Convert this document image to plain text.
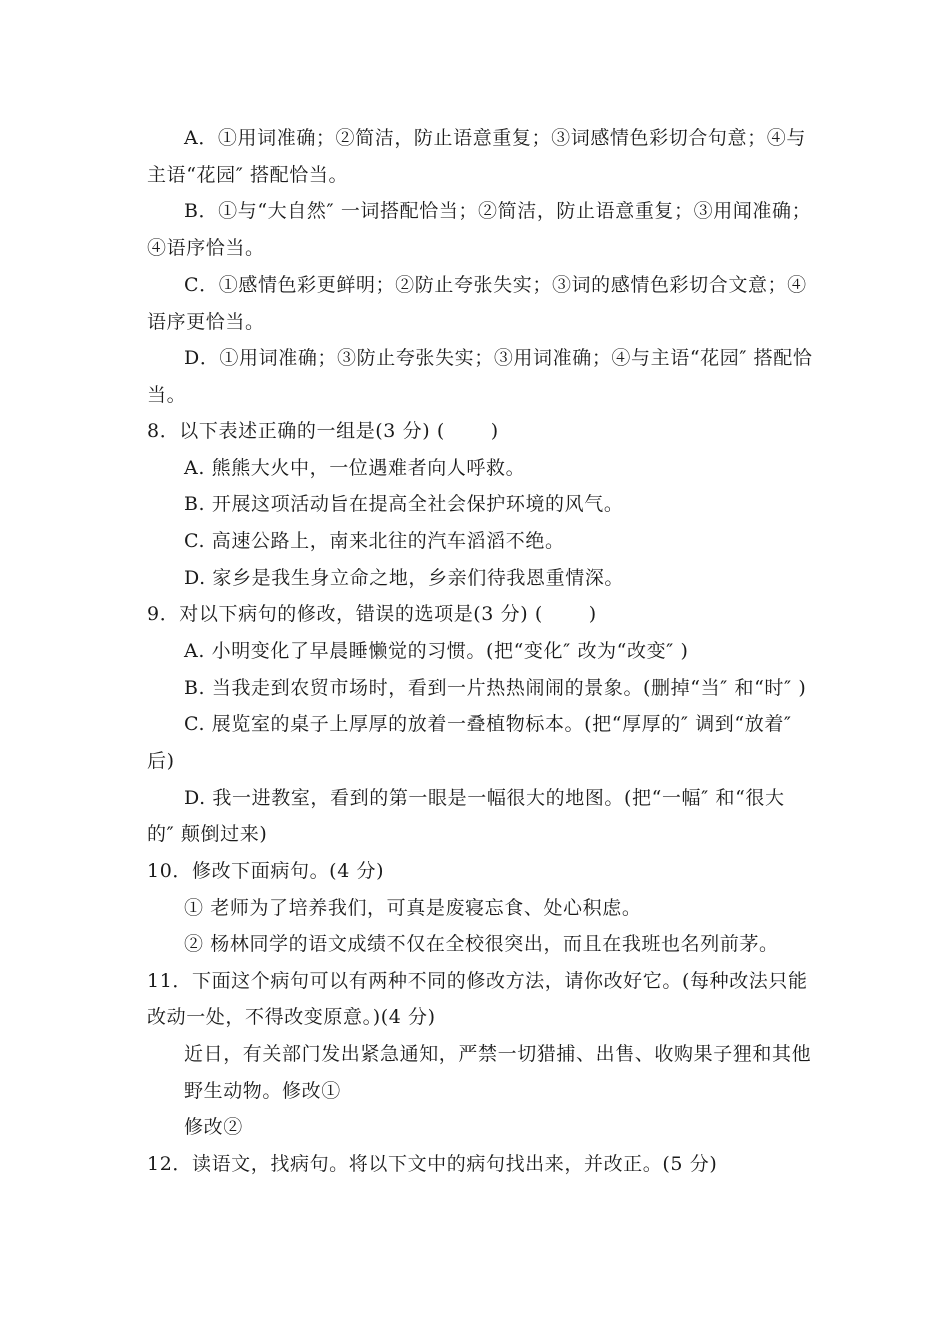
A．①用词准确；②简洁，防止语意重复；③词感情色彩切合句意；④与
主语“花园″ 搭配恰当。
B．①与“大自然″ 一词搭配恰当；②简洁，防止语意重复；③用闻准确；
④语序恰当。
C．①感情色彩更鲜明；②防止夸张失实；③词的感情色彩切合文意；④
语序更恰当。
D．①用词准确；③防止夸张失实；③用词准确；④与主语“花园″ 搭配恰
当。
8．以下表述正确的一组是(3 分) (　　 )
A. 熊熊大火中，一位遇难者向人呼救。
B. 开展这项活动旨在提高全社会保护环境的风气。
C. 高速公路上，南来北往的汽车滔滔不绝。
D. 家乡是我生身立命之地，乡亲们待我恩重情深。
9．对以下病句的修改，错误的选项是(3 分) (　　 )
A. 小明变化了早晨睡懒觉的习惯。(把“变化″ 改为“改变″ )
B. 当我走到农贸市场时，看到一片热热闹闹的景象。(删掉“当″ 和“时″ )
C. 展览室的桌子上厚厚的放着一叠植物标本。(把“厚厚的″ 调到“放着″
后)
D. 我一进教室，看到的第一眼是一幅很大的地图。(把“一幅″ 和“很大
的″ 颠倒过来)
10．修改下面病句。(4 分)
① 老师为了培养我们，可真是废寝忘食、处心积虑。
② 杨林同学的语文成绩不仅在全校很突出，而且在我班也名列前茅。
11．下面这个病句可以有两种不同的修改方法，请你改好它。(每种改法只能
改动一处，不得改变原意。)(4 分)
近日，有关部门发出紧急通知，严禁一切猎捕、出售、收购果子狸和其他
野生动物。修改①
修改②
12．读语文，找病句。将以下文中的病句找出来，并改正。(5 分)
